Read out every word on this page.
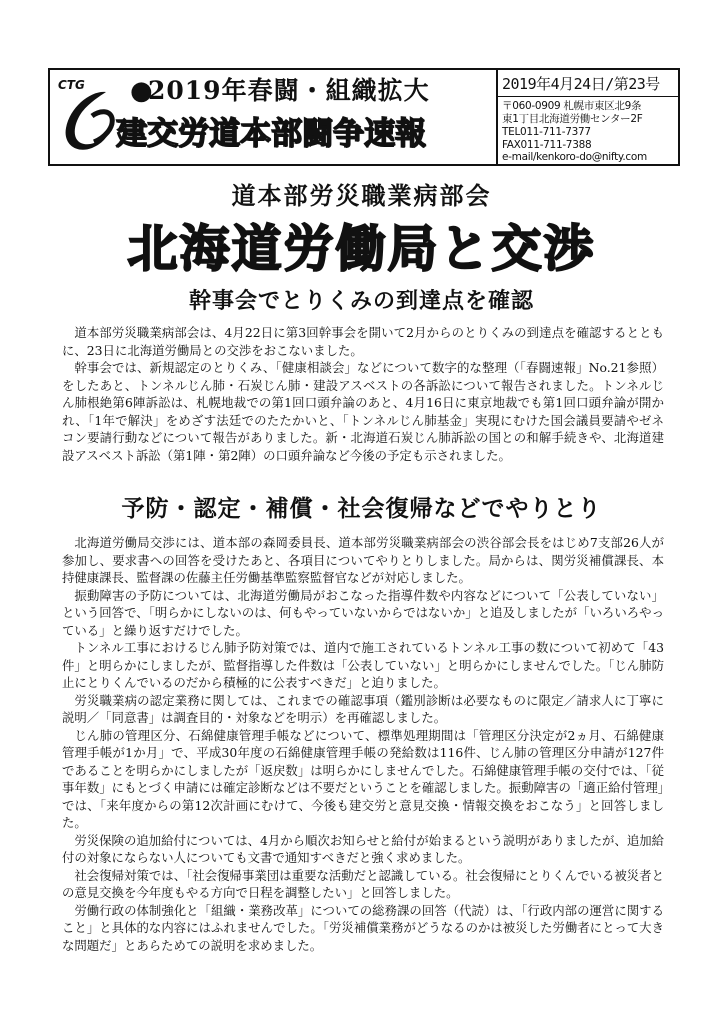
CTG ●
2019年春闘・組織拡大
建交労道本部闘争速報
2019年4月24日/第23号
〒060-0909 札幌市東区北9条
東1丁目北海道労働センター2F
TEL011-711-7377
FAX011-711-7388
e-mail/kenkoro-do@nifty.com
道本部労災職業病部会
北海道労働局と交渉
幹事会でとりくみの到達点を確認

道本部労災職業病部会は、4月22日に第3回幹事会を開いて2月からのとりくみの到達点を確認するとともに、23日に北海道労働局との交渉をおこないました。

幹事会では、新規認定のとりくみ、「健康相談会」などについて数字的な整理（「春闘速報」No.21参照）をしたあと、トンネルじん肺・石炭じん肺・建設アスベストの各訴訟について報告されました。トンネルじん肺根絶第6陣訴訟は、札幌地裁での第1回口頭弁論のあと、4月16日に東京地裁でも第1回口頭弁論が開かれ、「1年で解決」をめざす法廷でのたたかいと、「トンネルじん肺基金」実現にむけた国会議員要請やゼネコン要請行動などについて報告がありました。新・北海道石炭じん肺訴訟の国との和解手続きや、北海道建設アスベスト訴訟（第1陣・第2陣）の口頭弁論など今後の予定も示されました。

予防・認定・補償・社会復帰などでやりとり

北海道労働局交渉には、道本部の森岡委員長、道本部労災職業病部会の渋谷部会長をはじめ7支部26人が参加し、要求書への回答を受けたあと、各項目についてやりとりしました。局からは、関労災補償課長、本持健康課長、監督課の佐藤主任労働基準監察監督官などが対応しました。

振動障害の予防については、北海道労働局がおこなった指導件数や内容などについて「公表していない」という回答で、「明らかにしないのは、何もやっていないからではないか」と追及しましたが「いろいろやっている」と繰り返すだけでした。

トンネル工事におけるじん肺予防対策では、道内で施工されているトンネル工事の数について初めて「43件」と明らかにしましたが、監督指導した件数は「公表していない」と明らかにしませんでした。「じん肺防止にとりくんでいるのだから積極的に公表すべきだ」と迫りました。

労災職業病の認定業務に関しては、これまでの確認事項（鑑別診断は必要なものに限定／請求人に丁寧に説明／「同意書」は調査目的・対象などを明示）を再確認しました。

じん肺の管理区分、石綿健康管理手帳などについて、標準処理期間は「管理区分決定が2ヵ月、石綿健康管理手帳が1か月」で、平成30年度の石綿健康管理手帳の発給数は116件、じん肺の管理区分申請が127件であることを明らかにしましたが「返戻数」は明らかにしませんでした。石綿健康管理手帳の交付では、「従事年数」にもとづく申請には確定診断などは不要だということを確認しました。振動障害の「適正給付管理」では、「来年度からの第12次計画にむけて、今後も建交労と意見交換・情報交換をおこなう」と回答しました。

労災保険の追加給付については、4月から順次お知らせと給付が始まるという説明がありましたが、追加給付の対象にならない人についても文書で通知すべきだと強く求めました。

社会復帰対策では、「社会復帰事業団は重要な活動だと認識している。社会復帰にとりくんでいる被災者との意見交換を今年度もやる方向で日程を調整したい」と回答しました。

労働行政の体制強化と「組織・業務改革」についての総務課の回答（代読）は、「行政内部の運営に関すること」と具体的な内容にはふれませんでした。「労災補償業務がどうなるのかは被災した労働者にとって大きな問題だ」とあらためての説明を求めました。
